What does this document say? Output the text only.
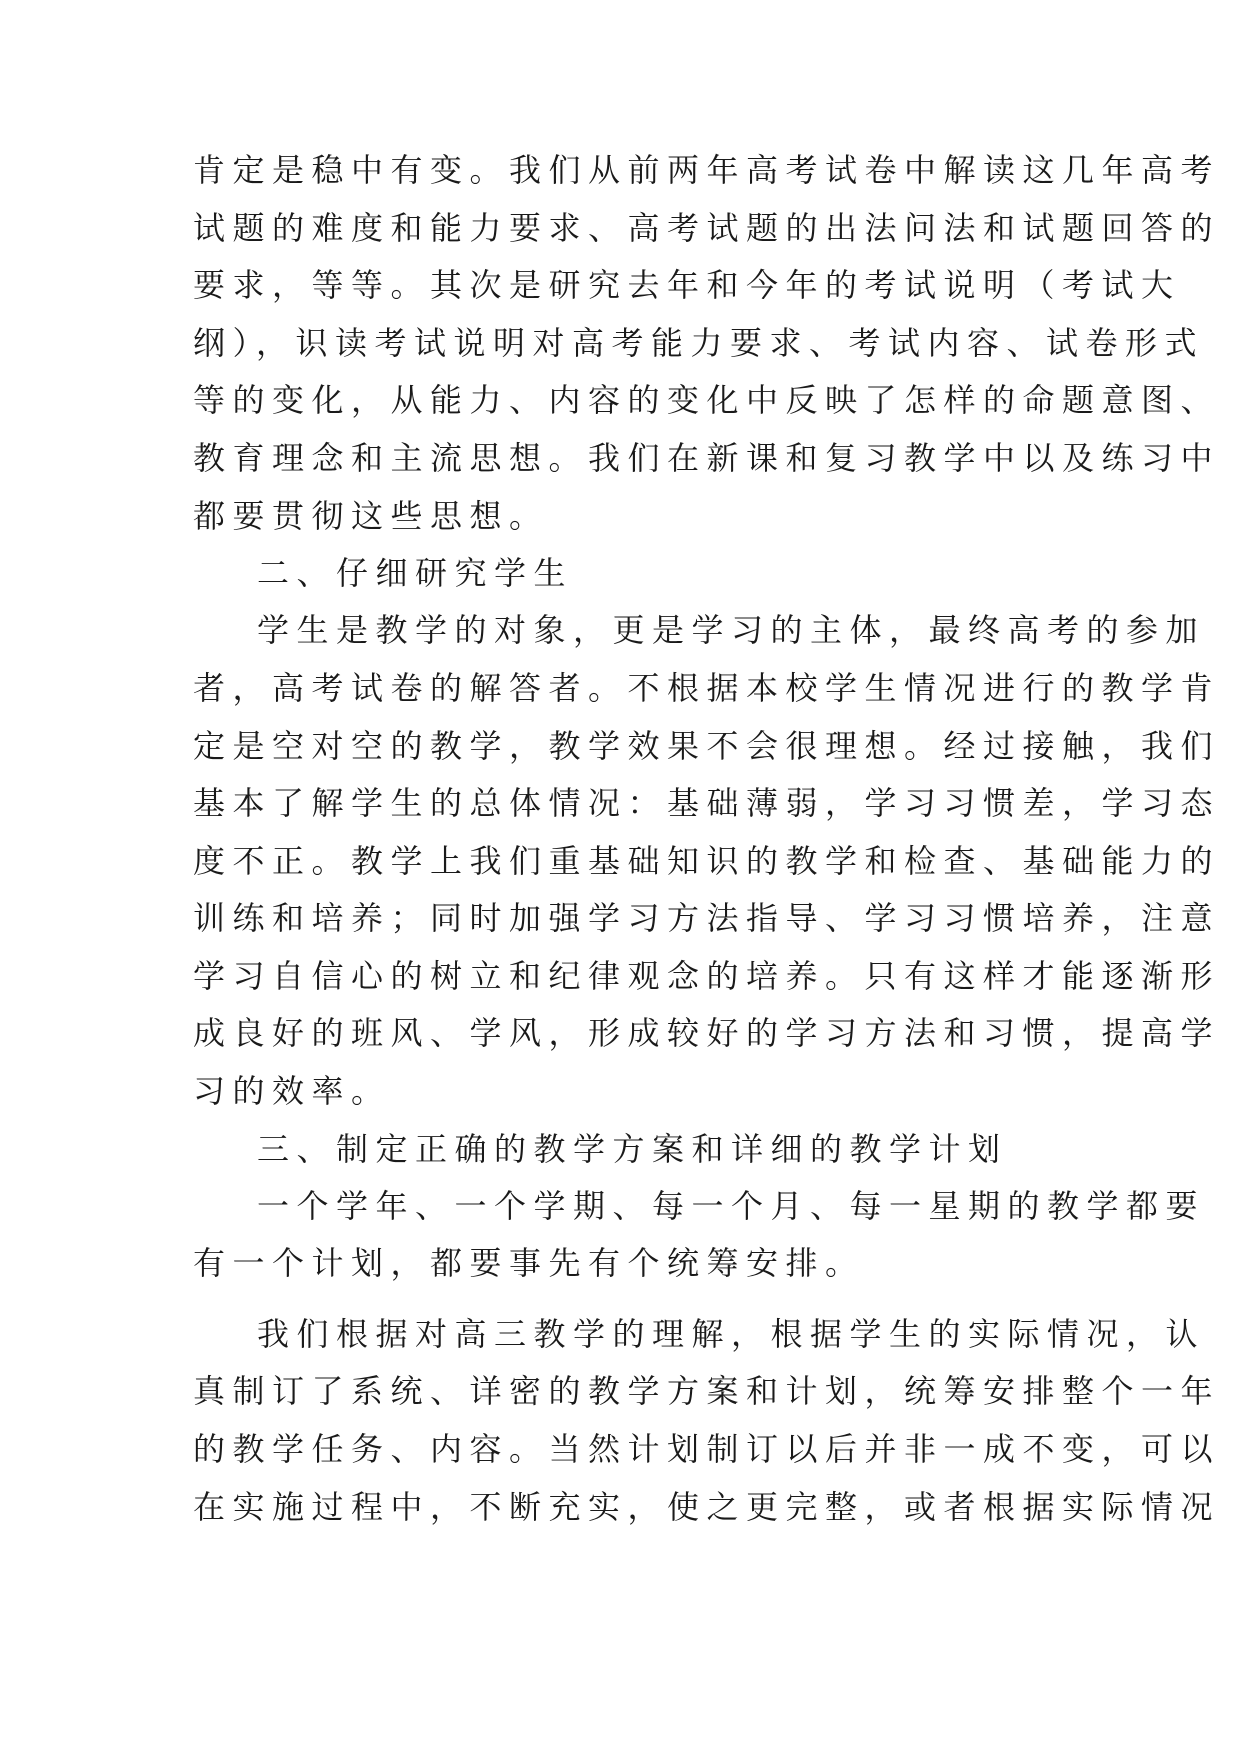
肯定是稳中有变。我们从前两年高考试卷中解读这几年高考
试题的难度和能力要求、高考试题的出法问法和试题回答的
要求，等等。其次是研究去年和今年的考试说明（考试大
纲），识读考试说明对高考能力要求、考试内容、试卷形式
等的变化，从能力、内容的变化中反映了怎样的命题意图、
教育理念和主流思想。我们在新课和复习教学中以及练习中
都要贯彻这些思想。
二、仔细研究学生
学生是教学的对象，更是学习的主体，最终高考的参加
者，高考试卷的解答者。不根据本校学生情况进行的教学肯
定是空对空的教学，教学效果不会很理想。经过接触，我们
基本了解学生的总体情况：基础薄弱，学习习惯差，学习态
度不正。教学上我们重基础知识的教学和检查、基础能力的
训练和培养；同时加强学习方法指导、学习习惯培养，注意
学习自信心的树立和纪律观念的培养。只有这样才能逐渐形
成良好的班风、学风，形成较好的学习方法和习惯，提高学
习的效率。
三、制定正确的教学方案和详细的教学计划
一个学年、一个学期、每一个月、每一星期的教学都要
有一个计划，都要事先有个统筹安排。
我们根据对高三教学的理解，根据学生的实际情况，认
真制订了系统、详密的教学方案和计划，统筹安排整个一年
的教学任务、内容。当然计划制订以后并非一成不变，可以
在实施过程中，不断充实，使之更完整，或者根据实际情况
